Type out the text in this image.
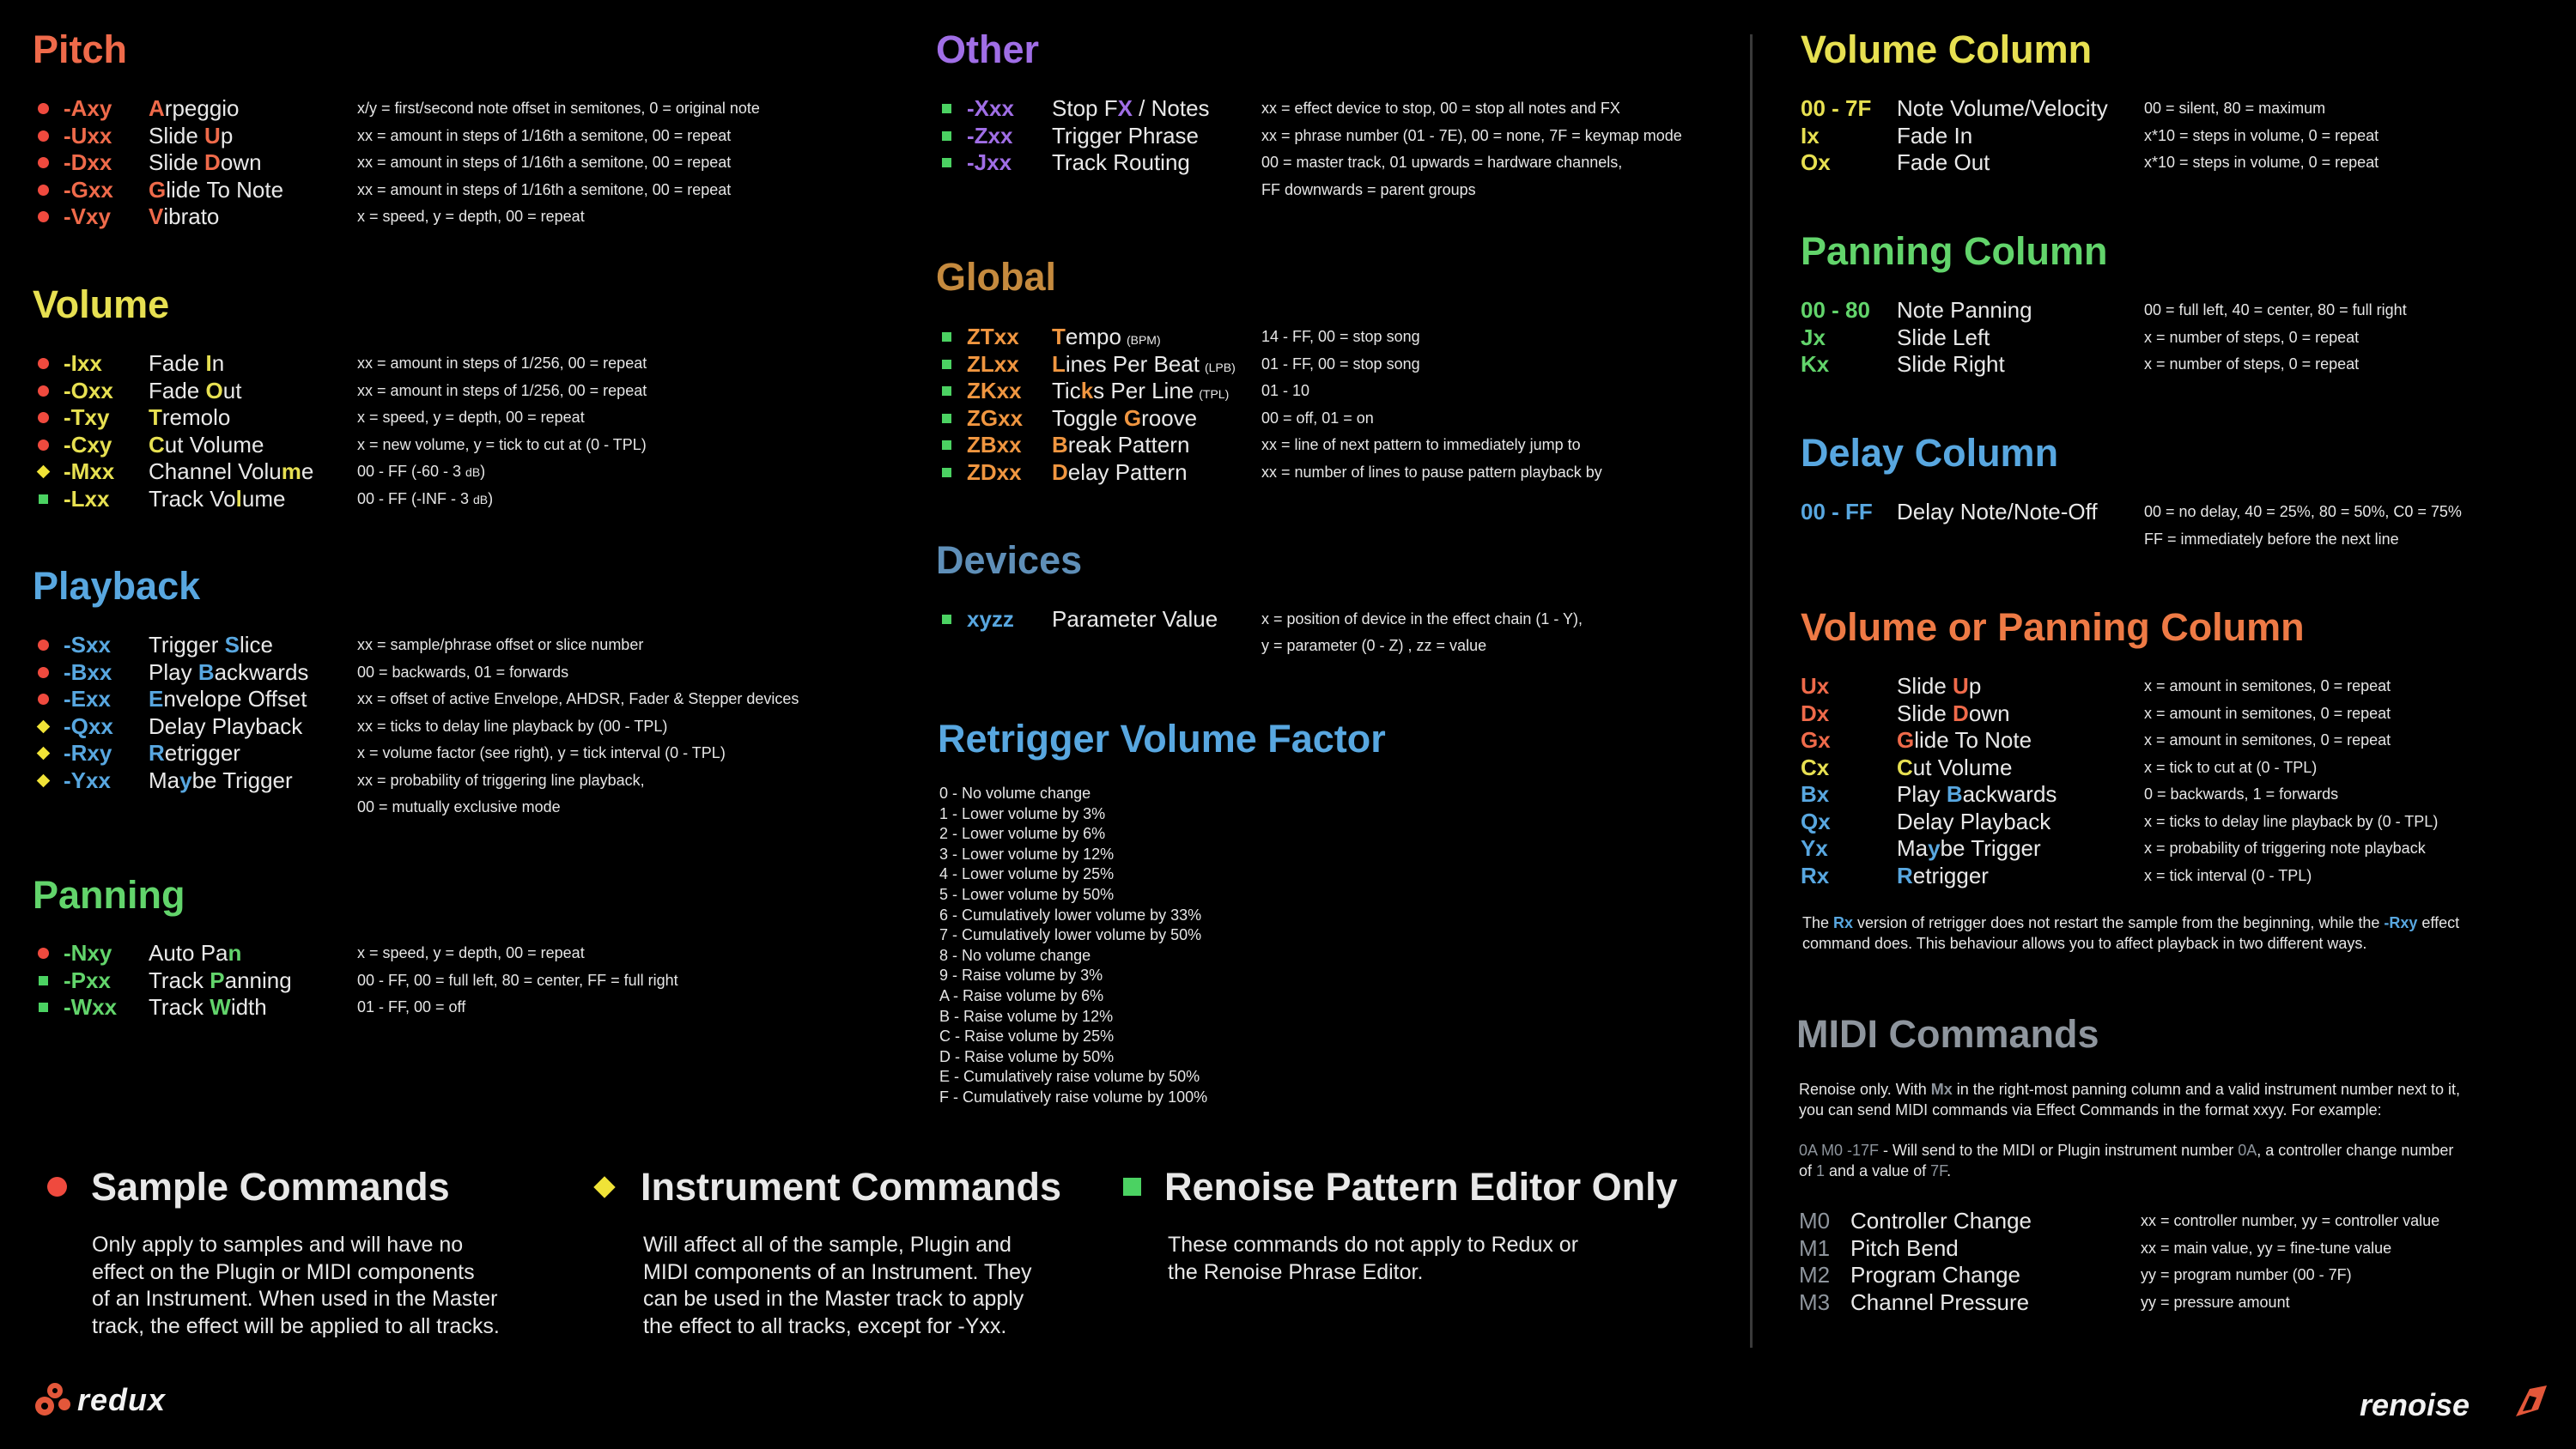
Pitch
-Axy Arpeggio	x/y = first/second note offset in semitones, 0 = original note
-Uxx Slide Up	xx = amount in steps of 1/16th a semitone, 00 = repeat
-Dxx Slide Down	xx = amount in steps of 1/16th a semitone, 00 = repeat
-Gxx Glide To Note	xx = amount in steps of 1/16th a semitone, 00 = repeat
-Vxy Vibrato	x = speed, y = depth, 00 = repeat
Volume
-Ixx Fade In	xx = amount in steps of 1/256, 00 = repeat
-Oxx Fade Out	xx = amount in steps of 1/256, 00 = repeat
-Txy Tremolo	x = speed, y = depth, 00 = repeat
-Cxy Cut Volume	x = new volume, y = tick to cut at (0 - TPL)
-Mxx Channel Volume	00 - FF (-60 - 3 dB)
-Lxx Track Volume	00 - FF (-INF - 3 dB)
Playback
-Sxx Trigger Slice	xx = sample/phrase offset or slice number
-Bxx Play Backwards	00 = backwards, 01 = forwards
-Exx Envelope Offset	xx = offset of active Envelope, AHDSR, Fader & Stepper devices
-Qxx Delay Playback	xx = ticks to delay line playback by (00 - TPL)
-Rxy Retrigger	x = volume factor (see right), y = tick interval (0 - TPL)
-Yxx Maybe Trigger	xx = probability of triggering line playback,
00 = mutually exclusive mode
Panning
-Nxy Auto Pan	x = speed, y = depth, 00 = repeat
-Pxx Track Panning	00 - FF, 00 = full left, 80 = center, FF = full right
-Wxx Track Width	01 - FF, 00 = off
Other
-Xxx Stop FX / Notes	xx = effect device to stop, 00 = stop all notes and FX
-Zxx Trigger Phrase	xx = phrase number (01 - 7E), 00 = none, 7F = keymap mode
-Jxx Track Routing	00 = master track, 01 upwards = hardware channels,
FF downwards = parent groups
Global
ZTxx Tempo (BPM)	14 - FF, 00 = stop song
ZLxx Lines Per Beat (LPB) 01 - FF, 00 = stop song
ZKxx Ticks Per Line (TPL) 01 - 10
ZGxx Toggle Groove	00 = off, 01 = on
ZBxx Break Pattern	xx = line of next pattern to immediately jump to
ZDxx Delay Pattern	xx = number of lines to pause pattern playback by
Devices
xyzz Parameter Value	x = position of device in the effect chain (1 - Y),
y = parameter (0 - Z) , zz = value
Retrigger Volume Factor
0 - No volume change
1 - Lower volume by 3%
2 - Lower volume by 6%
3 - Lower volume by 12%
4 - Lower volume by 25%
5 - Lower volume by 50%
6 - Cumulatively lower volume by 33%
7 - Cumulatively lower volume by 50%
8 - No volume change
9 - Raise volume by 3%
A - Raise volume by 6%
B - Raise volume by 12%
C - Raise volume by 25%
D - Raise volume by 50%
E - Cumulatively raise volume by 50%
F - Cumulatively raise volume by 100%
Volume Column
00 - 7F Note Volume/Velocity 00 = silent, 80 = maximum
Ix	Fade In	x*10 = steps in volume, 0 = repeat
Ox	Fade Out	x*10 = steps in volume, 0 = repeat
Panning Column
00 - 80 Note Panning	00 = full left, 40 = center, 80 = full right
Jx	Slide Left	x = number of steps, 0 = repeat
Kx	Slide Right	x = number of steps, 0 = repeat
Delay Column
00 - FF Delay Note/Note-Off	00 = no delay, 40 = 25%, 80 = 50%, C0 = 75%
FF = immediately before the next line
Volume or Panning Column
Ux	Slide Up	x = amount in semitones, 0 = repeat
Dx	Slide Down	x = amount in semitones, 0 = repeat
Gx	Glide To Note	x = amount in semitones, 0 = repeat
Cx	Cut Volume	x = tick to cut at (0 - TPL)
Bx	Play Backwards	0 = backwards, 1 = forwards
Qx	Delay Playback	x = ticks to delay line playback by (0 - TPL)
Yx	Maybe Trigger	x = probability of triggering note playback
Rx	Retrigger	x = tick interval (0 - TPL)
The Rx version of retrigger does not restart the sample from the beginning, while the -Rxy effect
command does. This behaviour allows you to affect playback in two different ways.
MIDI Commands
Renoise only. With Mx in the right-most panning column and a valid instrument number next to it,
you can send MIDI commands via Effect Commands in the format xxyy. For example:
0A M0 -17F - Will send to the MIDI or Plugin instrument number 0A, a controller change number
of 1 and a value of 7F.
M0 Controller Change	xx = controller number, yy = controller value
M1 Pitch Bend	xx = main value, yy = fine-tune value
M2 Program Change	yy = program number (00 - 7F)
M3 Channel Pressure	yy = pressure amount
Sample Commands
Only apply to samples and will have no
effect on the Plugin or MIDI components
of an Instrument. When used in the Master
track, the effect will be applied to all tracks.
Instrument Commands
Will affect all of the sample, Plugin and
MIDI components of an Instrument. They
can be used in the Master track to apply
the effect to all tracks, except for -Yxx.
Renoise Pattern Editor Only
These commands do not apply to Redux or
the Renoise Phrase Editor.
redux	renoise
